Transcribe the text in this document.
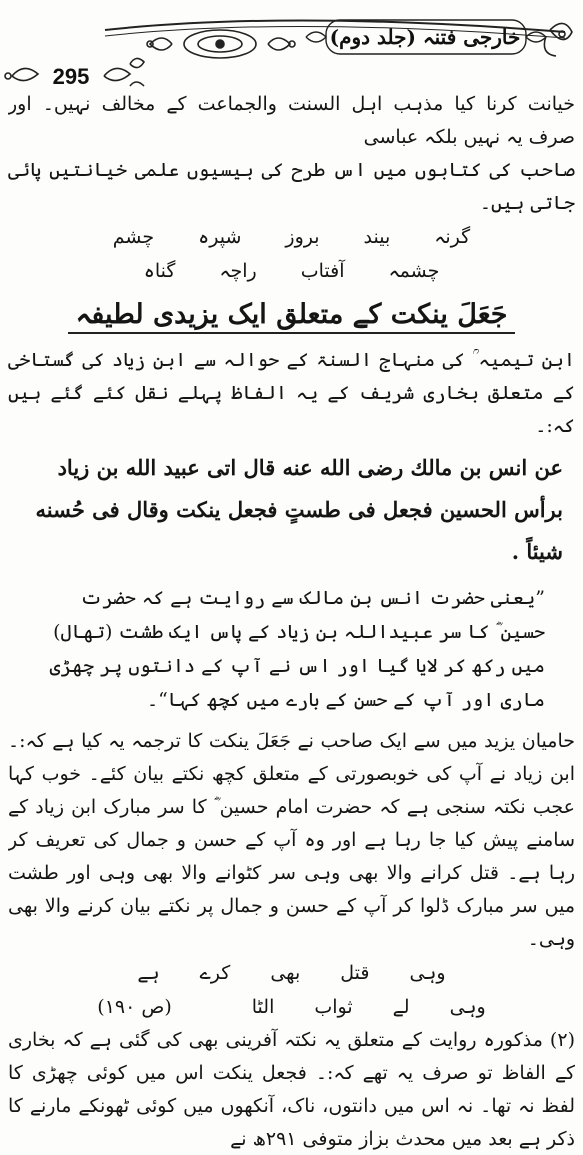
295
خارجی فتنہ (جلد دوم)

خیانت کرنا کیا مذہب اہل السنت والجماعت کے مخالف نہیں۔ اور صرف یہ نہیں بلکہ عباسی

صاحب کی کتابوں میں اس طرح کی بیسیوں علمی خیانتیں پائی جاتی ہیں۔

گرنہ
بیند
بروز
شپرہ
چشم
چشمہ
آفتاب
راچہ
گناہ
جَعَلَ ینکت کے متعلق ایک یزیدی لطیفہ

ابن تیمیہ ؒ کی منہاج السنۃ کے حوالہ سے ابن زیاد کی گستاخی کے متعلق بخاری شریف کے یہ الفاظ پہلے نقل کئے گئے ہیں کہ:۔

عن انس بن مالك رضى الله عنه قال اتى عبيد الله بن زياد برأس الحسين فجعل فى طستٍ فجعل ينكت وقال فى حُسنه شيئاً .

”یعنی حضرت انس بن مالک سے روایت ہے کہ حضرت حسین ؓ کا سر عبیداللہ بن زیاد کے پاس ایک طشت (تھال) میں رکھ کر لایا گیا اور اس نے آپ کے دانتوں پر چھڑی ماری اور آپ کے حسن کے بارے میں کچھ کہا“۔

حامیان یزید میں سے ایک صاحب نے جَعَلَ ینکت کا ترجمہ یہ کیا ہے کہ:۔ ابن زیاد نے آپ کی خوبصورتی کے متعلق کچھ نکتے بیان کئے۔ خوب کہا عجب نکتہ سنجی ہے کہ حضرت امام حسین ؓ کا سر مبارک ابن زیاد کے سامنے پیش کیا جا رہا ہے اور وہ آپ کے حسن و جمال کی تعریف کر رہا ہے۔ قتل کرانے والا بھی وہی سر کٹوانے والا بھی وہی اور طشت میں سر مبارک ڈلوا کر آپ کے حسن و جمال پر نکتے بیان کرنے والا بھی وہی۔

وہی
قتل
بھی
کرے
ہے
وہی
لے
ثواب
الٹا
(ص ۱۹۰)

(۲) مذکورہ روایت کے متعلق یہ نکتہ آفرینی بھی کی گئی ہے کہ بخاری کے الفاظ تو صرف یہ تھے کہ:۔ فجعل ینکت اس میں کوئی چھڑی کا لفظ نہ تھا۔ نہ اس میں دانتوں، ناک، آنکھوں میں کوئی ٹھونکے مارنے کا ذکر ہے بعد میں محدث بزاز متوفی ۲۹۱ھ نے
